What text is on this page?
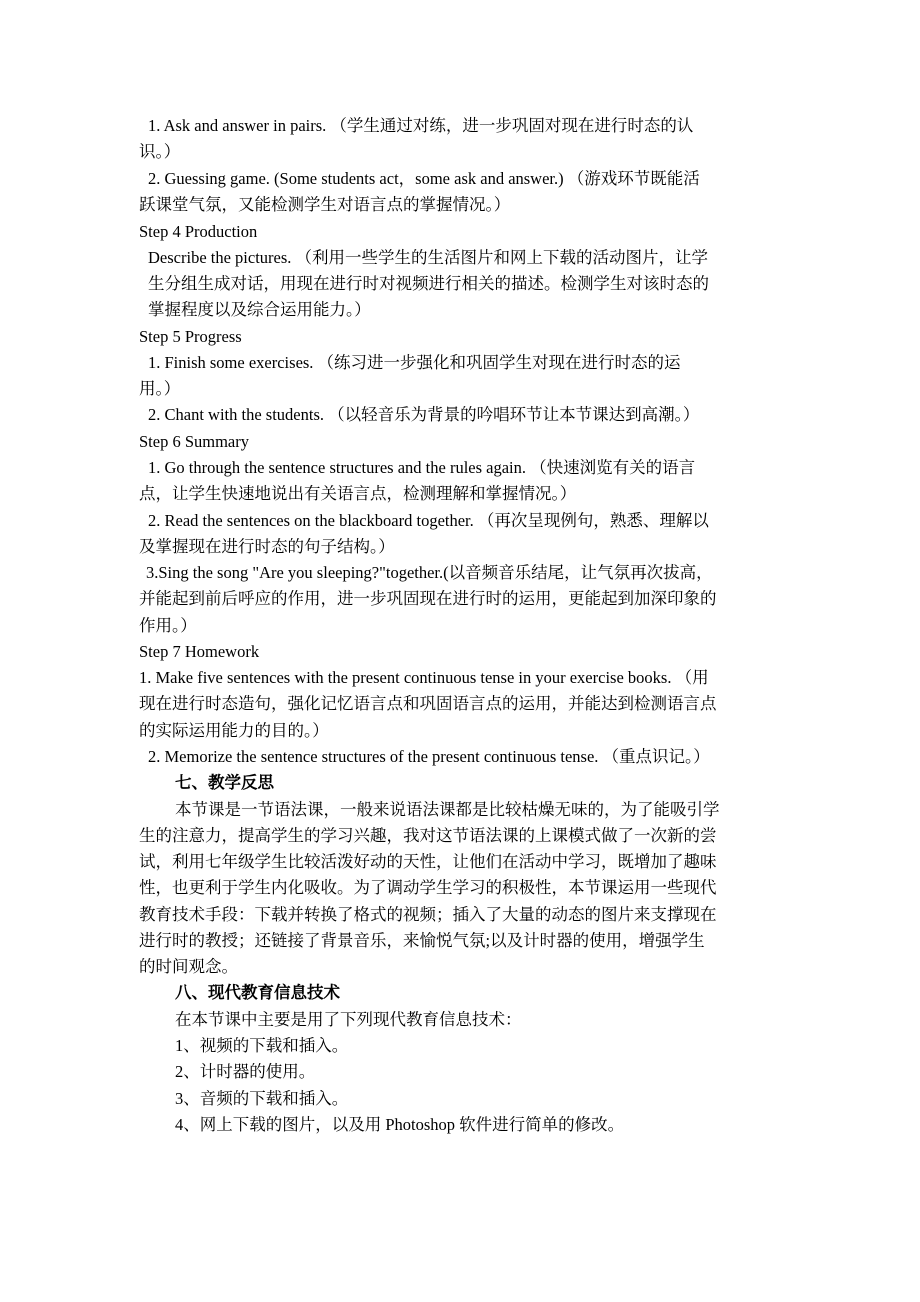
1. Ask and answer in pairs. （学生通过对练，进一步巩固对现在进行时态的认
识。）
2. Guessing game. (Some students act，some ask and answer.) （游戏环节既能活
跃课堂气氛，又能检测学生对语言点的掌握情况。）
Step 4 Production
Describe the pictures. （利用一些学生的生活图片和网上下载的活动图片，让学
生分组生成对话，用现在进行时对视频进行相关的描述。检测学生对该时态的
掌握程度以及综合运用能力。）
Step 5 Progress
1. Finish some exercises. （练习进一步强化和巩固学生对现在进行时态的运
用。）
2. Chant with the students. （以轻音乐为背景的吟唱环节让本节课达到高潮。）
Step 6 Summary
1. Go through the sentence structures and the rules again. （快速浏览有关的语言
点，让学生快速地说出有关语言点，检测理解和掌握情况。）
2. Read the sentences on the blackboard together. （再次呈现例句，熟悉、理解以
及掌握现在进行时态的句子结构。）
3.Sing the song "Are you sleeping?"together.(以音频音乐结尾，让气氛再次拔高，
并能起到前后呼应的作用，进一步巩固现在进行时的运用，更能起到加深印象的
作用。）
Step 7 Homework
1. Make five sentences with the present continuous tense in your exercise books. （用
现在进行时态造句，强化记忆语言点和巩固语言点的运用，并能达到检测语言点
的实际运用能力的目的。）
2. Memorize the sentence structures of the present continuous tense. （重点识记。）
七、教学反思
本节课是一节语法课，一般来说语法课都是比较枯燥无味的，为了能吸引学
生的注意力，提高学生的学习兴趣，我对这节语法课的上课模式做了一次新的尝
试，利用七年级学生比较活泼好动的天性，让他们在活动中学习，既增加了趣味
性，也更利于学生内化吸收。为了调动学生学习的积极性，本节课运用一些现代
教育技术手段：下载并转换了格式的视频；插入了大量的动态的图片来支撑现在
进行时的教授；还链接了背景音乐，来愉悦气氛;以及计时器的使用，增强学生
的时间观念。
八、现代教育信息技术
在本节课中主要是用了下列现代教育信息技术：
1、视频的下载和插入。
2、计时器的使用。
3、音频的下载和插入。
4、网上下载的图片，以及用 Photoshop 软件进行简单的修改。
